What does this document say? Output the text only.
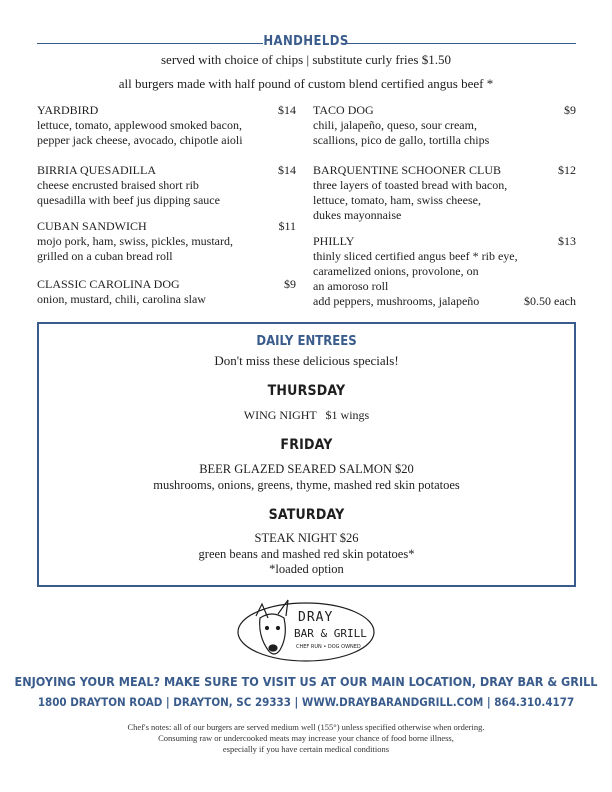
HANDHELDS
served with choice of chips | substitute curly fries $1.50
all burgers made with half pound of custom blend certified angus beef *
YARDBIRD
lettuce, tomato, applewood smoked bacon,
pepper jack cheese, avocado, chipotle aioli
$14
BIRRIA QUESADILLA
cheese encrusted braised short rib
quesadilla with beef jus dipping sauce
$14
CUBAN SANDWICH
mojo pork, ham, swiss, pickles, mustard,
grilled on a cuban bread roll
$11
CLASSIC CAROLINA DOG
onion, mustard, chili, carolina slaw
$9
TACO DOG
chili, jalapeño, queso, sour cream,
scallions, pico de gallo, tortilla chips
$9
BARQUENTINE SCHOONER CLUB
three layers of toasted bread with bacon,
lettuce, tomato, ham, swiss cheese,
dukes mayonnaise
$12
PHILLY
thinly sliced certified angus beef * rib eye,
caramelized onions, provolone, on
an amoroso roll
add peppers, mushrooms, jalapeño
$13
$0.50 each
DAILY ENTREES
Don't miss these delicious specials!
THURSDAY
WING NIGHT   $1 wings
FRIDAY
BEER GLAZED SEARED SALMON $20
mushrooms, onions, greens, thyme, mashed red skin potatoes
SATURDAY
STEAK NIGHT $26
green beans and mashed red skin potatoes*
*loaded option
DRAY
BAR & GRILL
CHEF RUN • DOG OWNED
ENJOYING YOUR MEAL? MAKE SURE TO VISIT US AT OUR MAIN LOCATION, DRAY BAR & GRILL
1800 DRAYTON ROAD | DRAYTON, SC 29333 | WWW.DRAYBARANDGRILL.COM | 864.310.4177
Chef's notes: all of our burgers are served medium well (155°) unless specified otherwise when ordering.
Consuming raw or undercooked meats may increase your chance of food borne illness,
especially if you have certain medical conditions
